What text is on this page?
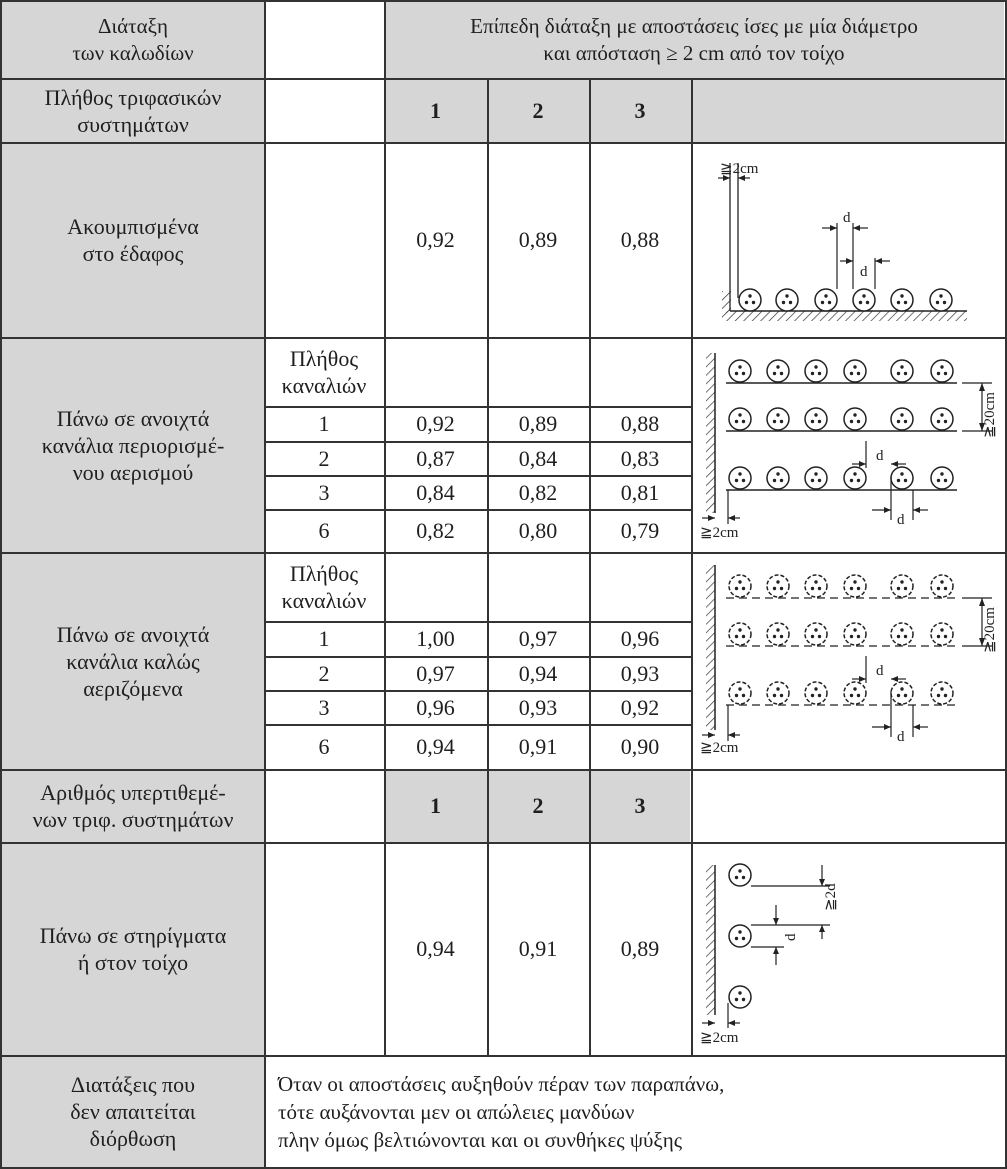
Διάταξη
των καλωδίων
Επίπεδη διάταξη με αποστάσεις ίσες με μία διάμετρο
και απόσταση ≥ 2 cm από τον τοίχο
Πλήθος τριφασικών
συστημάτων
1	2	3
Ακουμπισμένα
στο έδαφος
0,92	0,89	0,88
Πάνω σε ανοιχτά
κανάλια περιορισμέ-
νου αερισμού
Πλήθος
καναλιών
1	0,92	0,89	0,88
2	0,87	0,84	0,83
3	0,84	0,82	0,81
6	0,82	0,80	0,79
Πάνω σε ανοιχτά
κανάλια καλώς
αεριζόμενα
Πλήθος
καναλιών
1	1,00	0,97	0,96
2	0,97	0,94	0,93
3	0,96	0,93	0,92
6	0,94	0,91	0,90
Αριθμός υπερτιθεμέ-
νων τριφ. συστημάτων
1	2	3
Πάνω σε στηρίγματα
ή στον τοίχο
0,94	0,91	0,89
Διατάξεις που
δεν απαιτείται
διόρθωση
Όταν οι αποστάσεις αυξηθούν πέραν των παραπάνω,
τότε αυξάνονται μεν οι απώλειες μανδύων
πλην όμως βελτιώνονται και οι συνθήκες ψύξης
≧2cm
d
d
≧20cm
d
d
≧2cm
≧20cm
d
d
≧2cm
≧2d
d
≧2cm
